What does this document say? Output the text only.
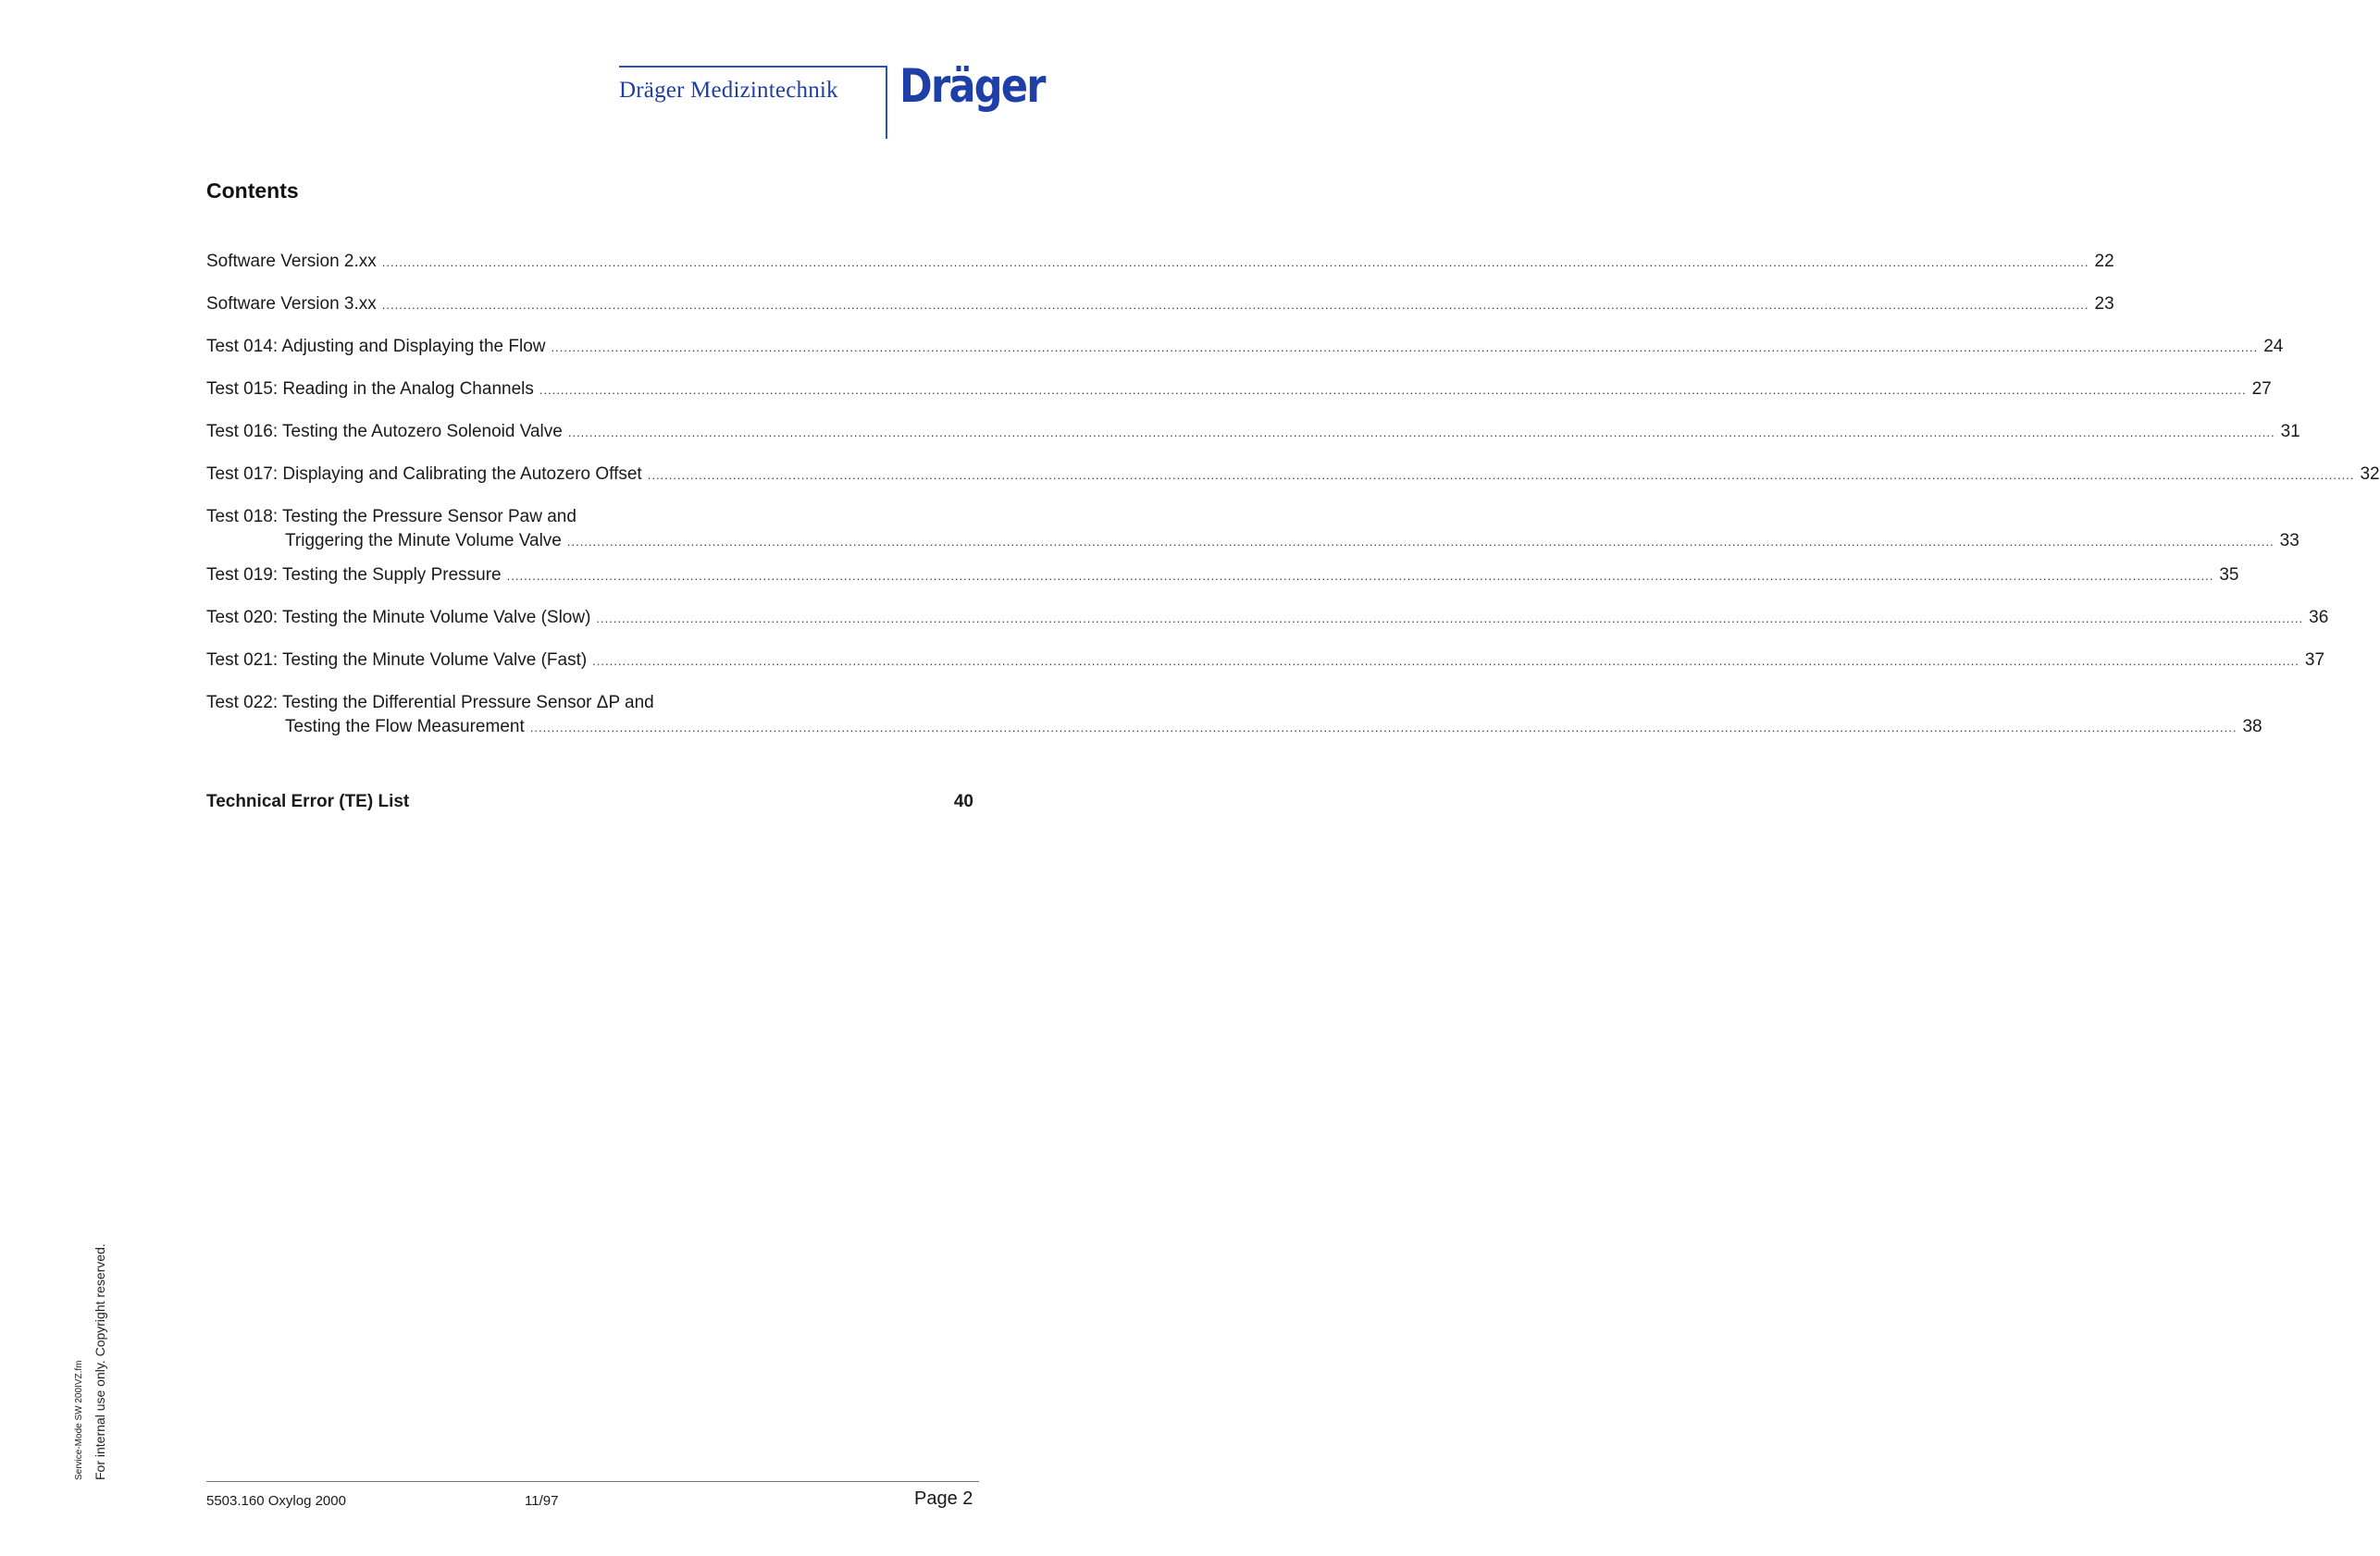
Dräger Medizintechnik Dräger
Contents
Software Version 2.xx ................................................................................................................................................................................................................................................................................................................................................................................................................ 22
Software Version 3.xx ................................................................................................................................................................................................................................................................................................................................................................................................................ 23
Test 014: Adjusting and Displaying the Flow ................................................................................................................................................................................................................................................................................................................................................................................................................ 24
Test 015: Reading in the Analog Channels ................................................................................................................................................................................................................................................................................................................................................................................................................ 27
Test 016: Testing the Autozero Solenoid Valve ................................................................................................................................................................................................................................................................................................................................................................................................................ 31
Test 017: Displaying and Calibrating the Autozero Offset ................................................................................................................................................................................................................................................................................................................................................................................................................ 32
Test 018: Testing the Pressure Sensor Paw and
Triggering the Minute Volume Valve ................................................................................................................................................................................................................................................................................................................................................................................................................ 33
Test 019: Testing the Supply Pressure ................................................................................................................................................................................................................................................................................................................................................................................................................ 35
Test 020: Testing the Minute Volume Valve (Slow) ................................................................................................................................................................................................................................................................................................................................................................................................................ 36
Test 021: Testing the Minute Volume Valve (Fast) ................................................................................................................................................................................................................................................................................................................................................................................................................ 37
Test 022: Testing the Differential Pressure Sensor ΔP and
Testing the Flow Measurement ................................................................................................................................................................................................................................................................................................................................................................................................................ 38
Technical Error (TE) List	40
Service-Mode SW 200IVZ.fm For internal use only. Copyright reserved.
5503.160 Oxylog 2000	11/97	Page 2
